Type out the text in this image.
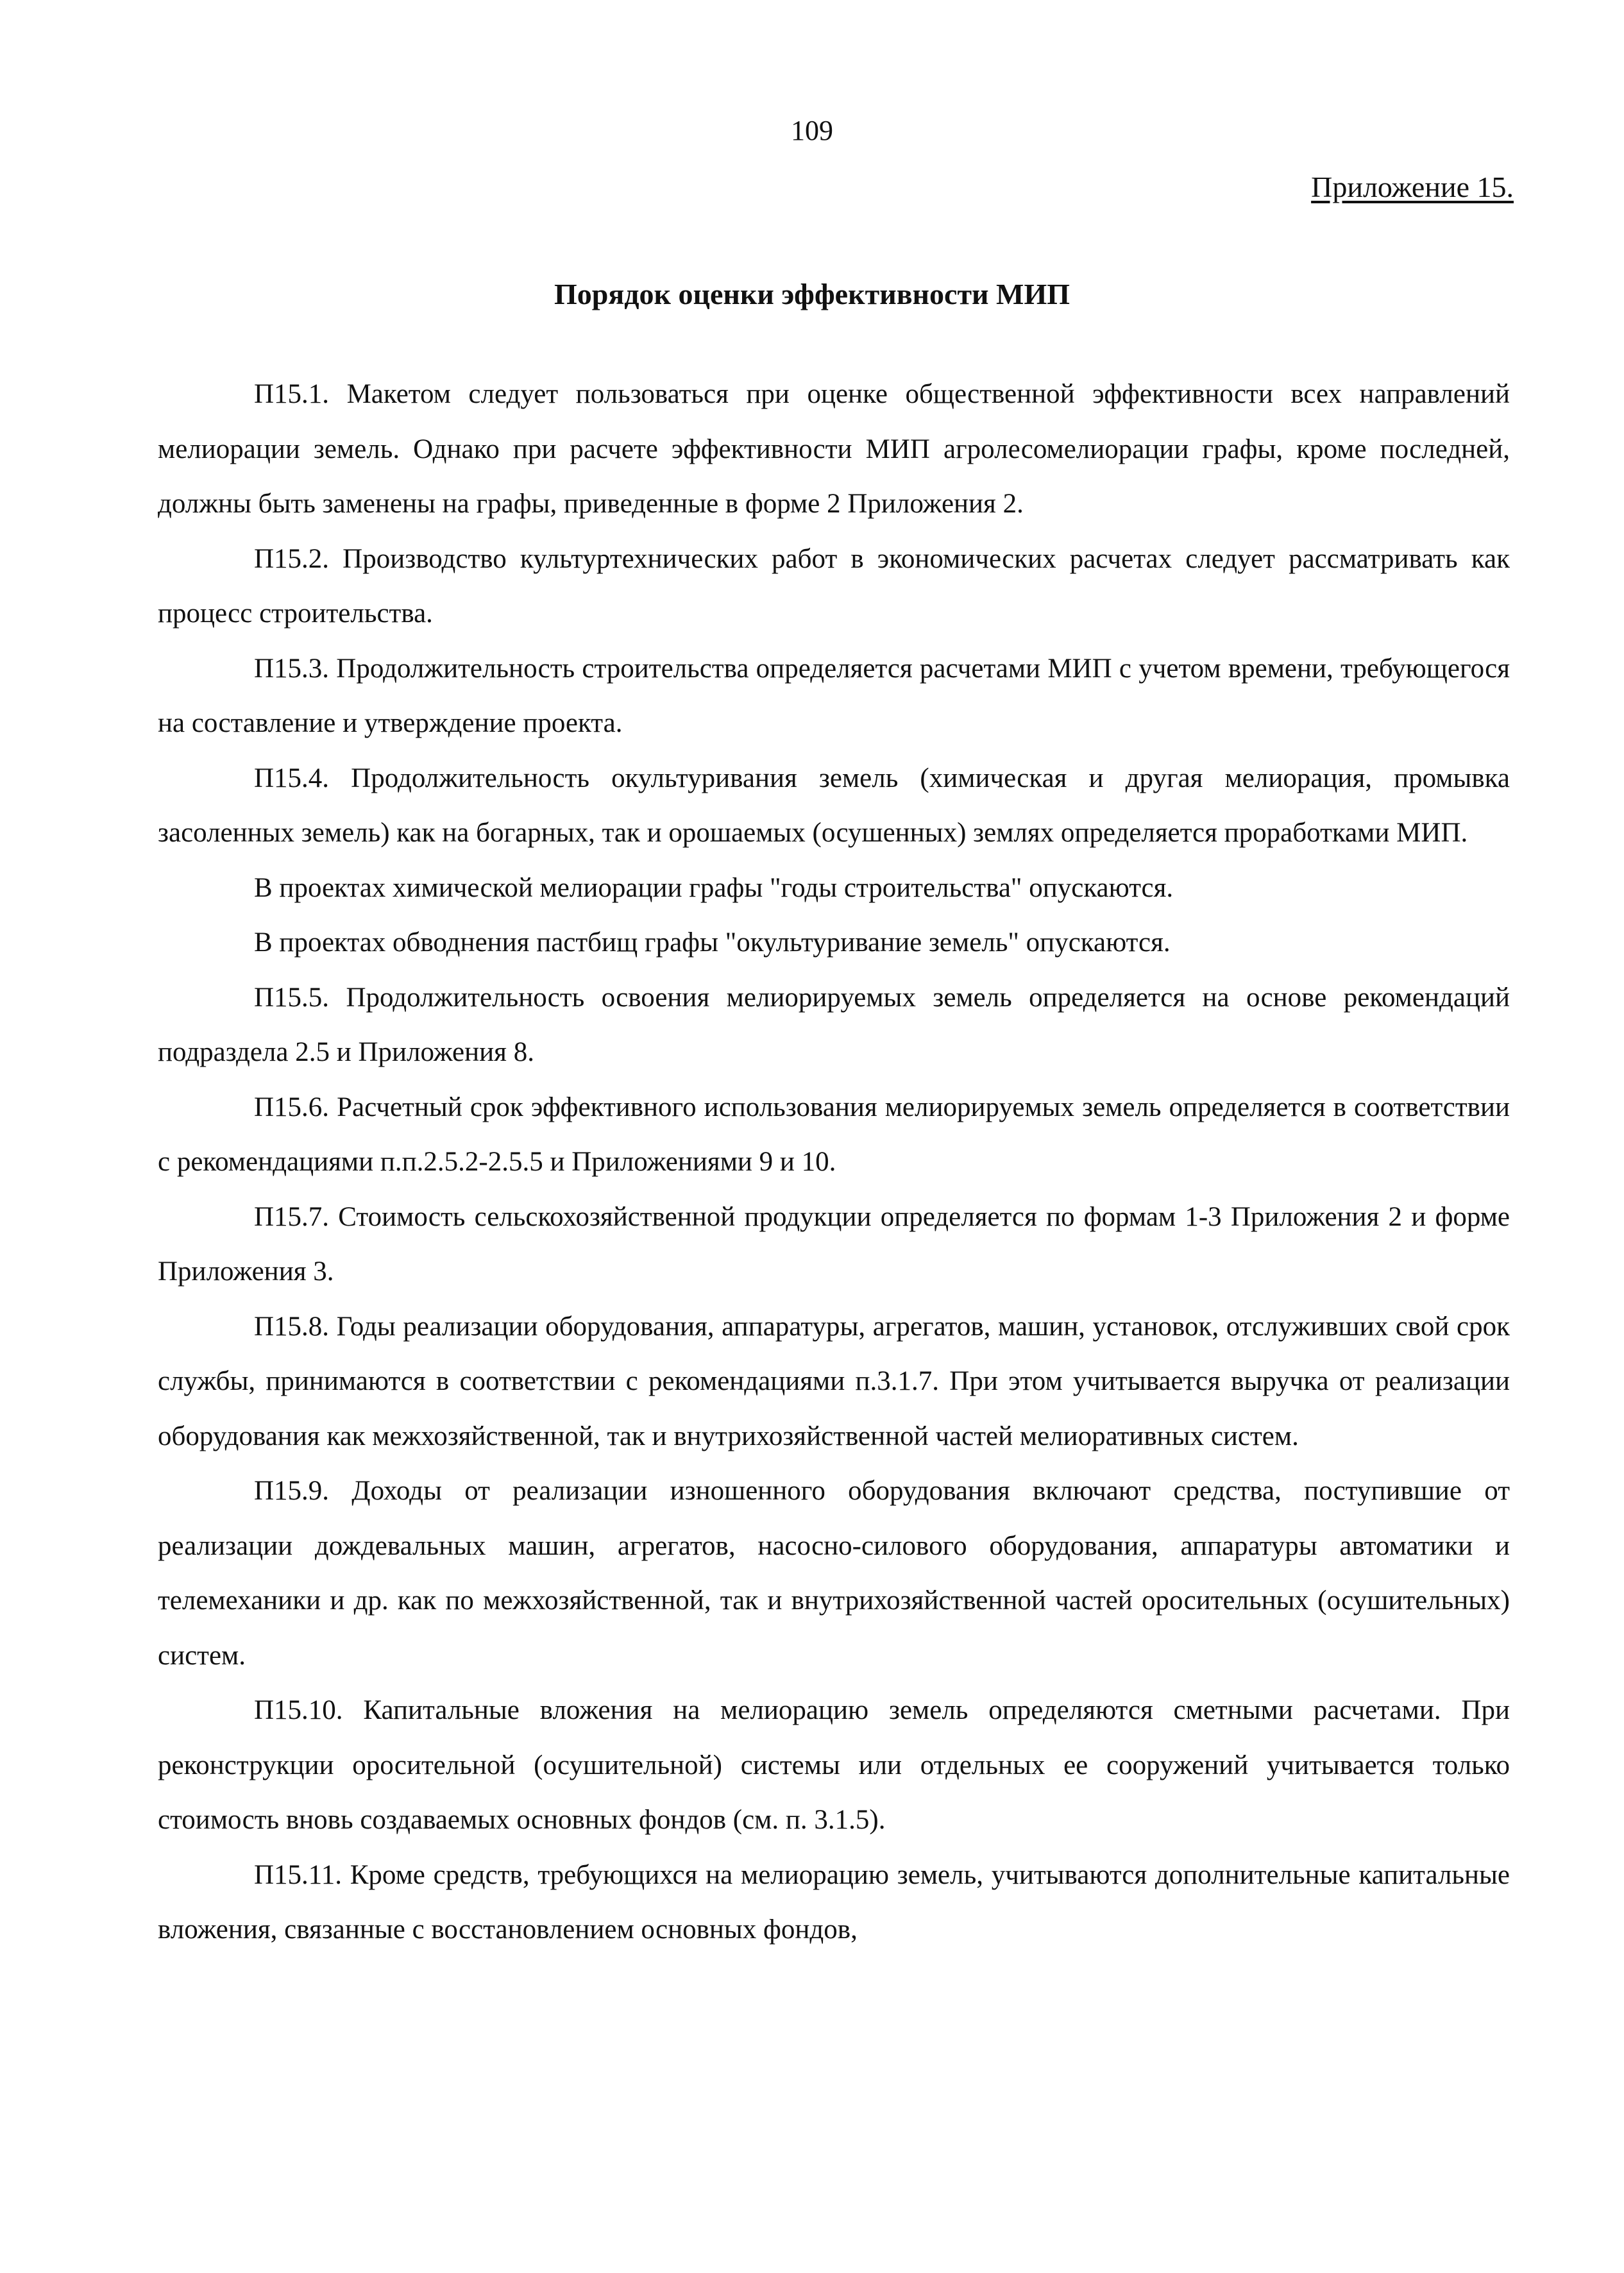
109
Приложение 15.
Порядок оценки эффективности МИП

П15.1. Макетом следует пользоваться при оценке общественной эффективности всех направлений мелиорации земель. Однако при расчете эффективности МИП агролесомелиорации графы, кроме последней, должны быть заменены на графы, приведенные в форме 2 Приложения 2.

П15.2. Производство культуртехнических работ в экономических расчетах следует рассматривать как процесс строительства.

П15.3. Продолжительность строительства определяется расчетами МИП с учетом времени, требующегося на составление и утверждение проекта.

П15.4. Продолжительность окультуривания земель (химическая и другая мелиорация, промывка засоленных земель) как на богарных, так и орошаемых (осушенных) землях определяется проработками МИП.

В проектах химической мелиорации графы "годы строительства" опускаются.

В проектах обводнения пастбищ графы "окультуривание земель" опускаются.

П15.5. Продолжительность освоения мелиорируемых земель определяется на основе рекомендаций подраздела 2.5 и Приложения 8.

П15.6. Расчетный срок эффективного использования мелиорируемых земель определяется в соответствии с рекомендациями п.п.2.5.2-2.5.5 и Приложениями 9 и 10.

П15.7. Стоимость сельскохозяйственной продукции определяется по формам 1-3 Приложения 2 и форме Приложения 3.

П15.8. Годы реализации оборудования, аппаратуры, агрегатов, машин, установок, отслуживших свой срок службы, принимаются в соответствии с рекомендациями п.3.1.7. При этом учитывается выручка от реализации оборудования как межхозяйственной, так и внутрихозяйственной частей мелиоративных систем.

П15.9. Доходы от реализации изношенного оборудования включают средства, поступившие от реализации дождевальных машин, агрегатов, насосно-силового оборудования, аппаратуры автоматики и телемеханики и др. как по межхозяйственной, так и внутрихозяйственной частей оросительных (осушительных) систем.

П15.10. Капитальные вложения на мелиорацию земель определяются сметными расчетами. При реконструкции оросительной (осушительной) системы или отдельных ее сооружений учитывается только стоимость вновь создаваемых основных фондов (см. п. 3.1.5).

П15.11. Кроме средств, требующихся на мелиорацию земель, учитываются дополнительные капитальные вложения, связанные с восстановлением основных фондов,
